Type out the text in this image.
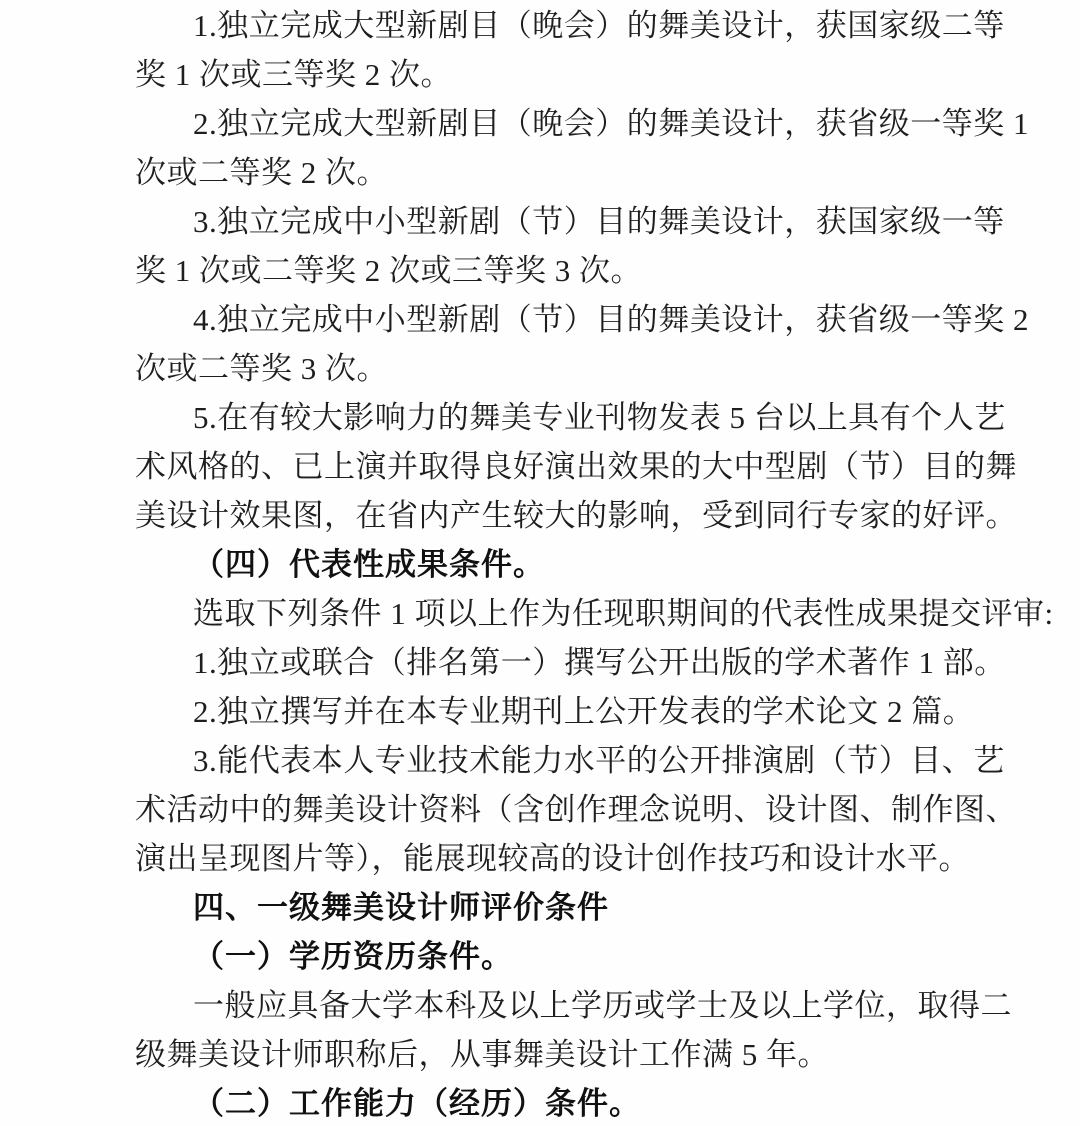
1.独立完成大型新剧目（晚会）的舞美设计，获国家级二等
奖 1 次或三等奖 2 次。
2.独立完成大型新剧目（晚会）的舞美设计，获省级一等奖 1
次或二等奖 2 次。
3.独立完成中小型新剧（节）目的舞美设计，获国家级一等
奖 1 次或二等奖 2 次或三等奖 3 次。
4.独立完成中小型新剧（节）目的舞美设计，获省级一等奖 2
次或二等奖 3 次。
5.在有较大影响力的舞美专业刊物发表 5 台以上具有个人艺
术风格的、已上演并取得良好演出效果的大中型剧（节）目的舞
美设计效果图，在省内产生较大的影响，受到同行专家的好评。
（四）代表性成果条件。
选取下列条件 1 项以上作为任现职期间的代表性成果提交评审:
1.独立或联合（排名第一）撰写公开出版的学术著作 1 部。
2.独立撰写并在本专业期刊上公开发表的学术论文 2 篇。
3.能代表本人专业技术能力水平的公开排演剧（节）目、艺
术活动中的舞美设计资料（含创作理念说明、设计图、制作图、
演出呈现图片等），能展现较高的设计创作技巧和设计水平。
四、一级舞美设计师评价条件
（一）学历资历条件。
一般应具备大学本科及以上学历或学士及以上学位，取得二
级舞美设计师职称后，从事舞美设计工作满 5 年。
（二）工作能力（经历）条件。
